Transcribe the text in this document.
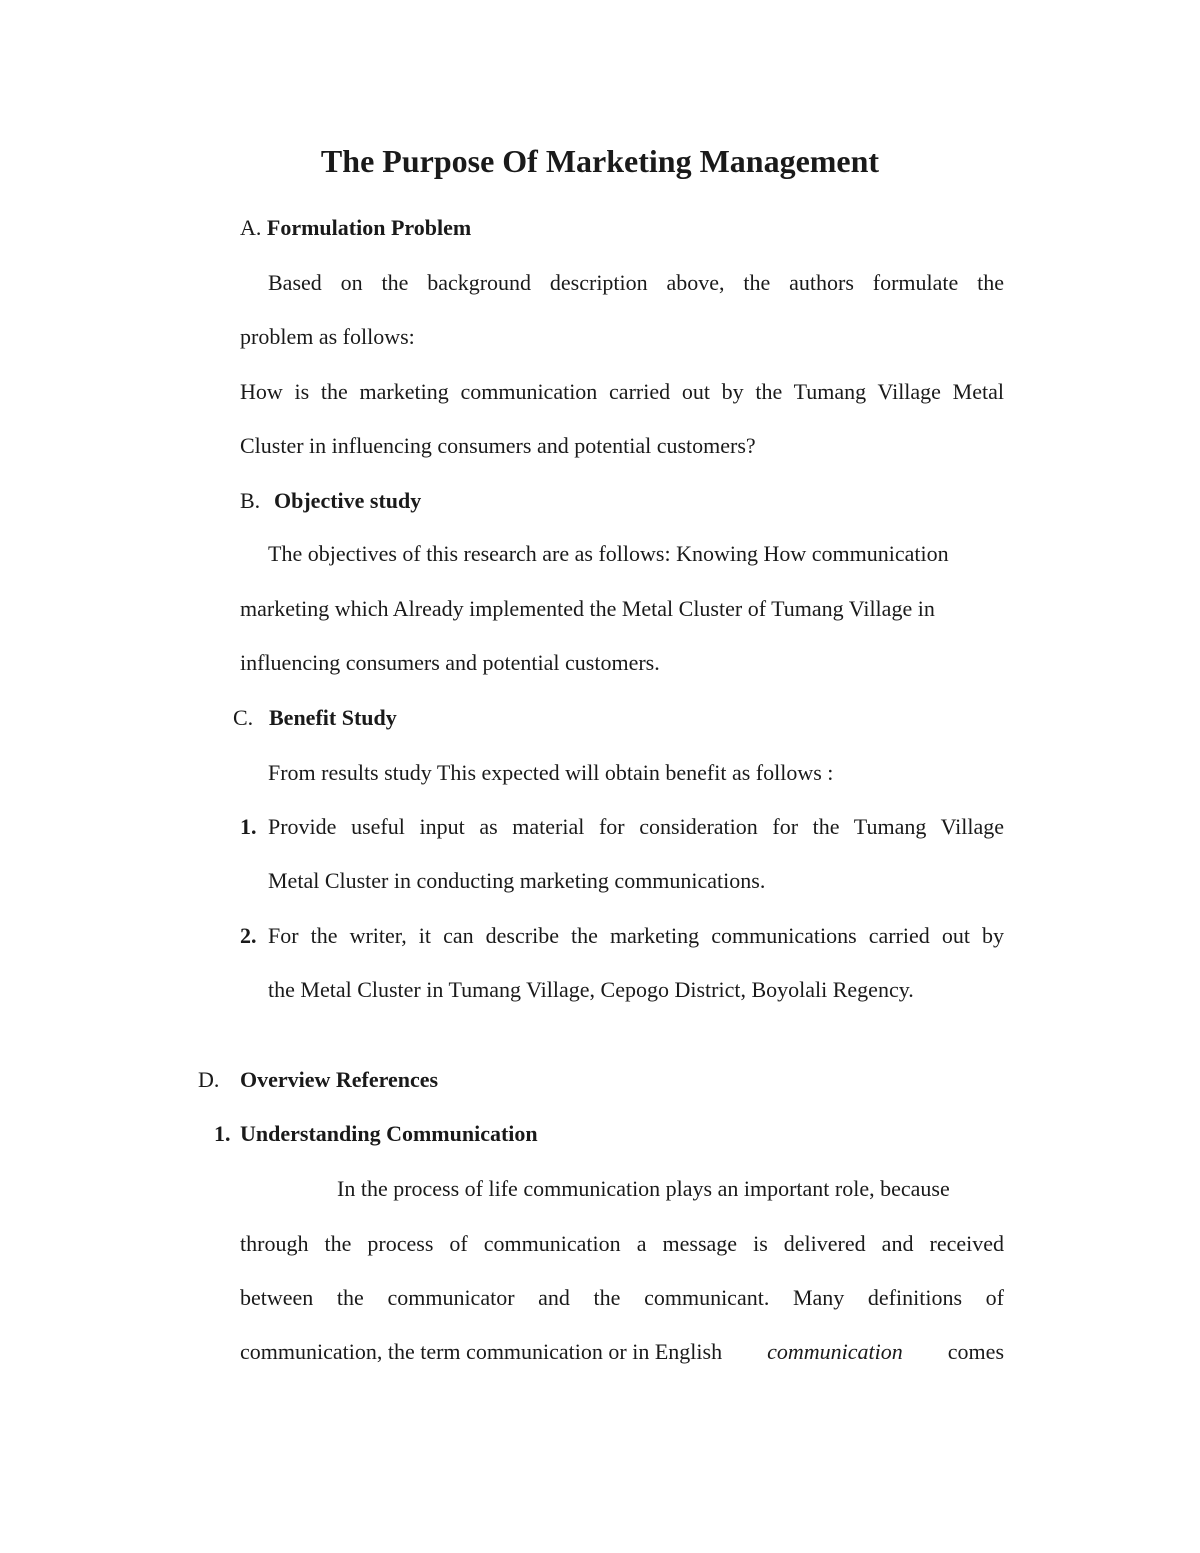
The Purpose Of Marketing Management
A. Formulation Problem
Based on the background description above, the authors formulate the
problem as follows:
How is the marketing communication carried out by the Tumang Village Metal
Cluster in influencing consumers and potential customers?
B. Objective study
The objectives of this research are as follows: Knowing How communication
marketing which Already implemented the Metal Cluster of Tumang Village in
influencing consumers and potential customers.
C. Benefit Study
From results study This expected will obtain benefit as follows :
1. Provide useful input as material for consideration for the Tumang Village
Metal Cluster in conducting marketing communications.
2. For the writer, it can describe the marketing communications carried out by
the Metal Cluster in Tumang Village, Cepogo District, Boyolali Regency.
D. Overview References
1. Understanding Communication
In the process of life communication plays an important role, because
through the process of communication a message is delivered and received
between the communicator and the communicant. Many definitions of
communication, the term communication or in English communication comes
